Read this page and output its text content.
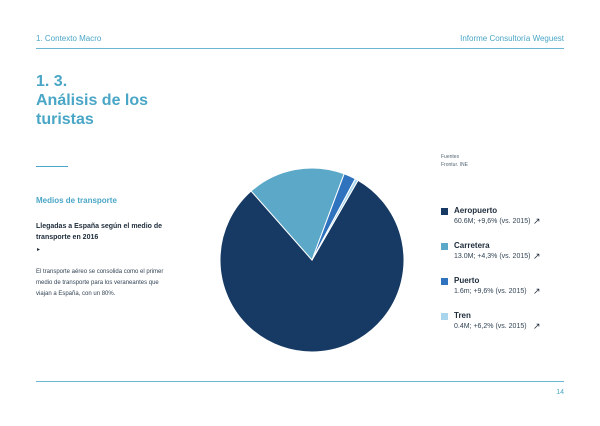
1. Contexto Macro	Informe Consultoría Weguest
1. 3.
Análisis de los
turistas
Medios de transporte
Llegadas a España según el medio de transporte en 2016
▸
El transporte aéreo se consolida como el primer medio de transporte para los veraneantes que viajan a España, con un 80%.
Fuentes
Frontur. INE
Aeropuerto
60.6M; +9,6% (vs. 2015) ↗
Carretera
13.0M; +4,3% (vs. 2015) ↗
Puerto
1.6m; +9,6% (vs. 2015) ↗
Tren
0.4M; +6,2% (vs. 2015) ↗
14
